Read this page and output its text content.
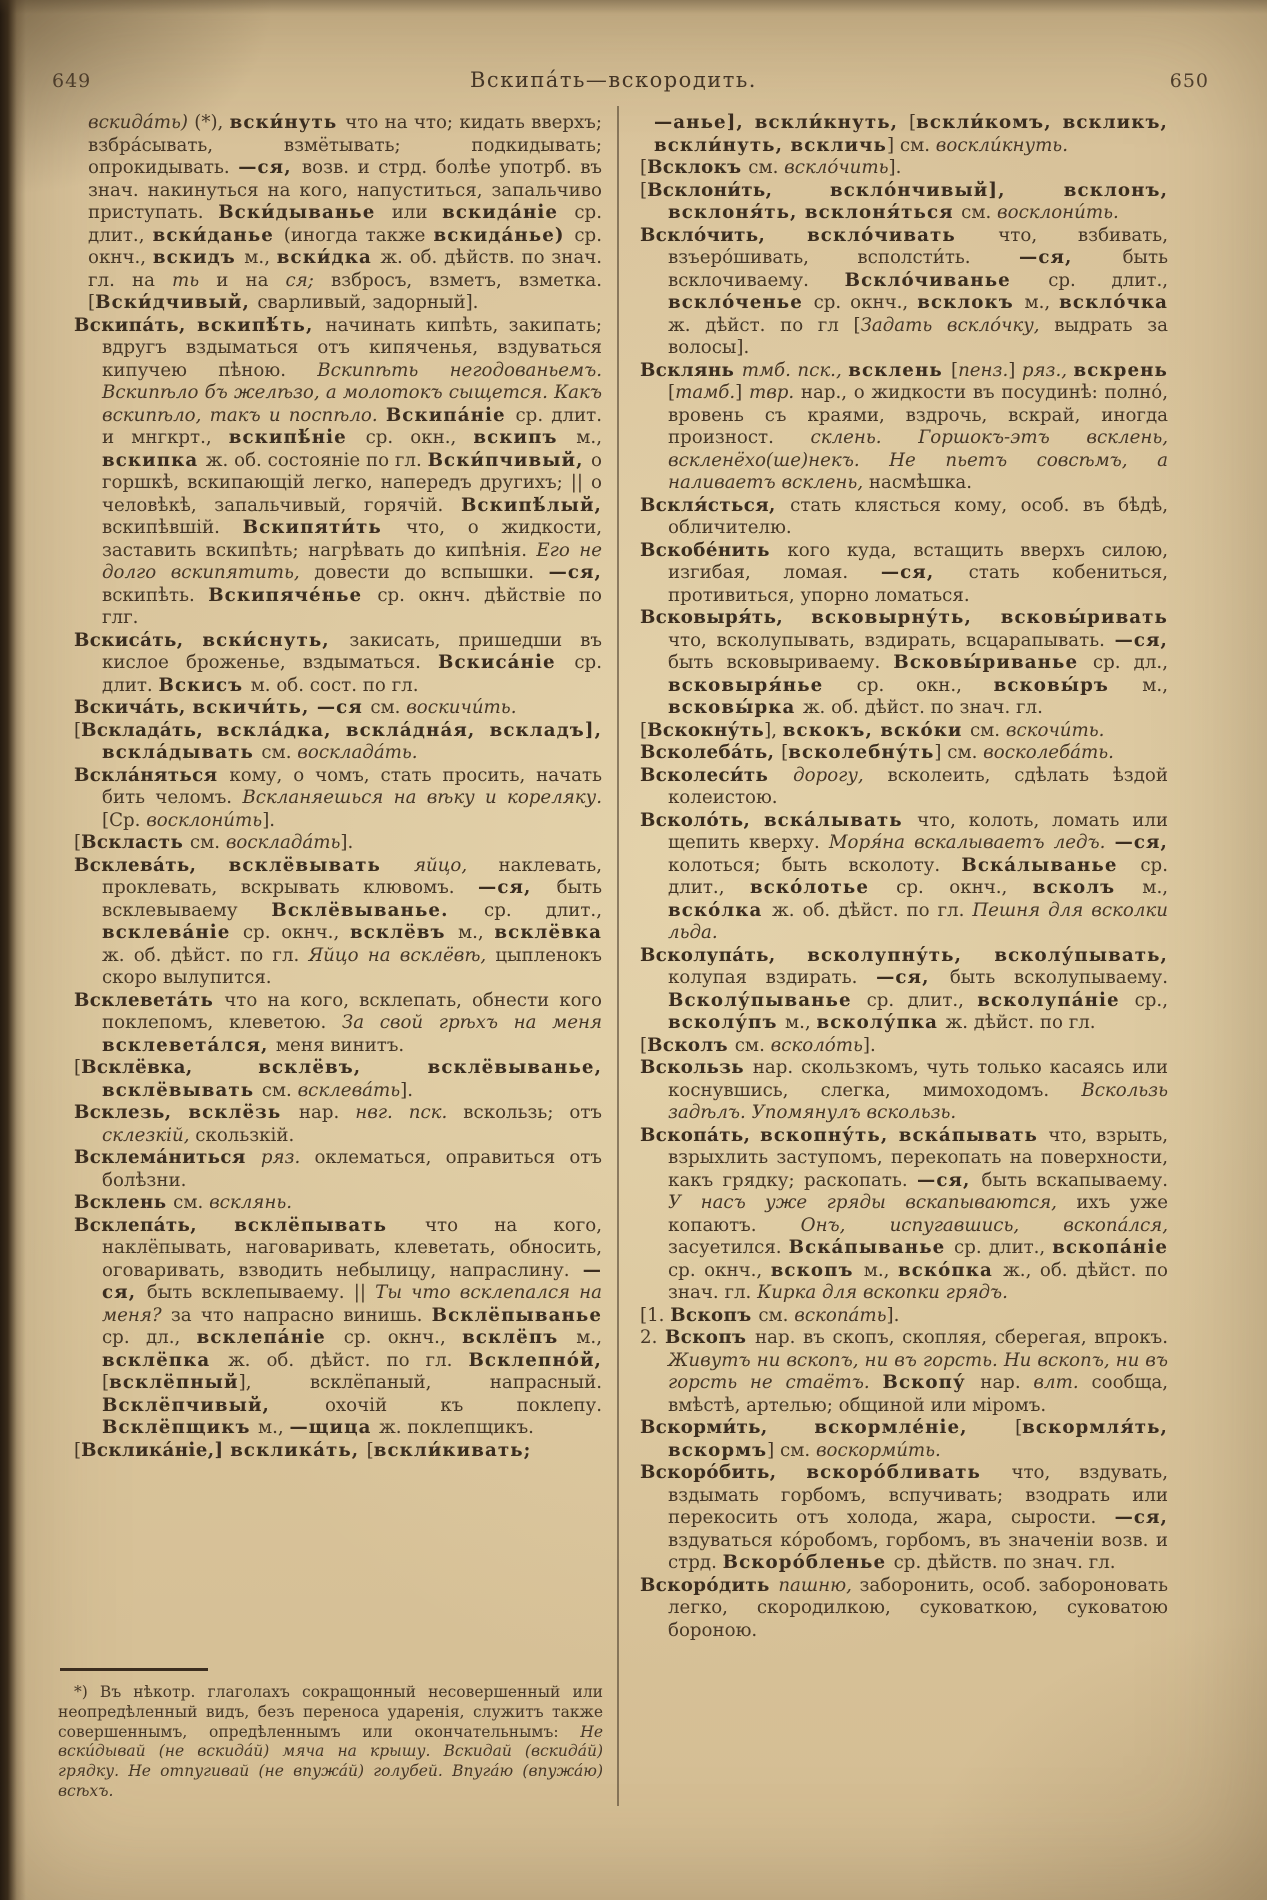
649	Вскипа́ть—вскородить.	650
вскида́ть) (*), вски́нуть что на что; кидать вверхъ; взбра́сывать, взмётывать; подкидывать; опрокидывать. —ся, возв. и стрд. болѣе употрб. въ знач. накинуться на кого, напуститься, запальчиво приступать. Вски́дыванье или вскида́ніе ср. длит., вски́данье (иногда также вскида́нье) ср. окнч., вскидъ м., вски́дка ж. об. дѣйств. по знач. гл. на ть и на ся; взбросъ, взметъ, взметка. [Вски́дчивый, сварливый, задорный].
Вскипа́ть, вскипѣ́ть, начинать кипѣть, закипать; вдругъ вздыматься отъ кипяченья, вздуваться кипучею пѣною. Вскипѣть негодованьемъ. Вскипѣло бъ желѣзо, а молотокъ сыщется. Какъ вскипѣло, такъ и поспѣло. Вскипа́ніе ср. длит. и мнгкрт., вскипѣ́ніе ср. окн., вскипъ м., вскипка ж. об. состояніе по гл. Вски́пчивый, о горшкѣ, вскипающій легко, напередъ другихъ; || о человѣкѣ, запальчивый, горячій. Вскипѣ́лый, вскипѣвшій. Вскипяти́ть что, о жидкости, заставить вскипѣть; нагрѣвать до кипѣнія. Его не долго вскипятить, довести до вспышки. —ся, вскипѣть. Вскипяче́нье ср. окнч. дѣйствіе по глг.
Вскиса́ть, вски́снуть, закисать, пришедши въ кислое броженье, вздыматься. Вскиса́ніе ср. длит. Вскисъ м. об. сост. по гл.
Вскича́ть, вскичи́ть, —ся см. воскичи́ть.
[Вскладáть, вскла́дка, вскла́дна́я, вскладъ], вскла́дывать см. воскладáть.
Вскла́няться кому, о чомъ, стать просить, начать бить челомъ. Вскланяешься на вѣку и кореляку. [Ср. восклони́ть].
[Вскласть см. воскладáть].
Всклева́ть, всклёвывать яйцо, наклевать, проклевать, вскрывать клювомъ. —ся, быть всклевываему Всклёвыванье. ср. длит., всклева́ніе ср. окнч., всклёвъ м., всклёвка ж. об. дѣйст. по гл. Яйцо на всклёвѣ, цыпленокъ скоро вылупится.
Всклевета́ть что на кого, всклепать, обнести кого поклепомъ, клеветою. За свой грѣхъ на меня всклевета́лся, меня винитъ.
[Всклёвка, всклёвъ, всклёвыванье, всклёвывать см. всклева́ть].
Всклезь, всклёзь нар. нвг. пск. вскользь; отъ склезкій, скользкій.
Всклема́ниться ряз. оклематься, оправиться отъ болѣзни.
Всклень см. всклянь.
Всклепа́ть, всклёпывать что на кого, наклёпывать, наговаривать, клеветать, обносить, оговаривать, взводить небылицу, напраслину. —ся, быть всклепываему. || Ты что всклепался на меня? за что напрасно винишь. Всклёпыванье ср. дл., всклепа́ніе ср. окнч., всклёпъ м., всклёпка ж. об. дѣйст. по гл. Всклепно́й, [всклёпный], всклёпаный, напрасный. Всклёпчивый, охочій къ поклепу. Всклёпщикъ м., —щица ж. поклепщикъ.
[Всклика́ніе,] всклика́ть, [вскли́кивать;
—анье], вскли́кнуть, [вскли́комъ, вскликъ, вскли́нуть, вскличь] см. воскли́кнуть.
[Всклокъ см. вскло́чить].
[Всклони́ть, вскло́нчивый], всклонъ, всклоня́ть, всклоня́ться см. восклони́ть.
Вскло́чить, вскло́чивать что, взбивать, взъеро́шивать, всполсти́ть. —ся, быть всклочиваему. Вскло́чиванье ср. длит., вскло́ченье ср. окнч., всклокъ м., вскло́чка ж. дѣйст. по гл [Задать вскло́чку, выдрать за волосы].
Всклянь тмб. пск., всклень [пенз.] ряз., вскрень [тамб.] твр. нар., о жидкости въ посудинѣ: полно́, вровень съ краями, вздрочь, вскрай, иногда произност. склень. Горшокъ-этъ всклень, вскленёхо(ше)некъ. Не пьетъ совсѣмъ, а наливаетъ всклень, насмѣшка.
Вскля́сться, стать клясться кому, особ. въ бѣдѣ, обличителю.
Вскобе́нить кого куда, встащить вверхъ силою, изгибая, ломая. —ся, стать кобениться, противиться, упорно ломаться.
Всковыря́ть, всковырну́ть, всковы́ривать что, всколупывать, вздирать, всцарапывать. —ся, быть всковыриваему. Всковы́риванье ср. дл., всковыря́нье ср. окн., всковы́ръ м., всковы́рка ж. об. дѣйст. по знач. гл.
[Вскокну́ть], вскокъ, вско́ки см. вскочи́ть.
Всколеба́ть, [всколебну́ть] см. восколеба́ть.
Всколеси́ть дорогу, всколеить, сдѣлать ѣздой колеистою.
Всколо́ть, вска́лывать что, колоть, ломать или щепить кверху. Моря́на вскалываетъ ледъ. —ся, колоться; быть всколоту. Вска́лыванье ср. длит., вско́лотье ср. окнч., всколъ м., вско́лка ж. об. дѣйст. по гл. Пешня для всколки льда.
Всколупа́ть, всколупну́ть, всколу́пывать, колупая вздирать. —ся, быть всколупываему. Всколу́пыванье ср. длит., всколупа́ніе ср., всколу́пъ м., всколу́пка ж. дѣйст. по гл.
[Всколъ см. всколо́ть].
Вскользь нар. скользкомъ, чуть только касаясь или коснувшись, слегка, мимоходомъ. Вскользь задѣлъ. Упомянулъ вскользь.
Вскопа́ть, вскопну́ть, вска́пывать что, взрыть, взрыхлить заступомъ, перекопать на поверхности, какъ грядку; раскопать. —ся, быть вскапываему. У насъ уже гряды вскапываются, ихъ уже копаютъ. Онъ, испугавшись, вскопа́лся, засуетился. Вска́пыванье ср. длит., вскопа́ніе ср. окнч., вскопъ м., вско́пка ж., об. дѣйст. по знач. гл. Кирка для вскопки грядъ.
[1. Вскопъ см. вскопа́ть].
2. Вскопъ нар. въ скопъ, скопляя, сберегая, впрокъ. Живутъ ни вскопъ, ни въ горсть. Ни вскопъ, ни въ горсть не стаётъ. Вскопу́ нар. влт. сообща, вмѣстѣ, артелью; общиной или міромъ.
Вскорми́ть, вскормле́ніе, [вскормля́ть, вскормъ] см. воскорми́ть.
Вскоро́бить, вскоро́бливать что, вздувать, вздымать горбомъ, вспучивать; взодрать или перекосить отъ холода, жара, сырости. —ся, вздуваться ко́робомъ, горбомъ, въ значеніи возв. и стрд. Вскоро́бленье ср. дѣйств. по знач. гл.
Вскоро́дить пашню, заборонить, особ. забороновать легко, скородилкою, суковаткою, суковатою бороною.
*) Въ нѣкотр. глаголахъ сокращонный несовершенный или неопредѣленный видъ, безъ переноса ударенія, служитъ также совершеннымъ, опредѣленнымъ или окончательнымъ: Не вски́дывай (не вскида́й) мяча на крышу. Вскидай (вскида́й) грядку. Не отпугивай (не впужа́й) голубей. Впуга́ю (впужа́ю) всѣхъ.
